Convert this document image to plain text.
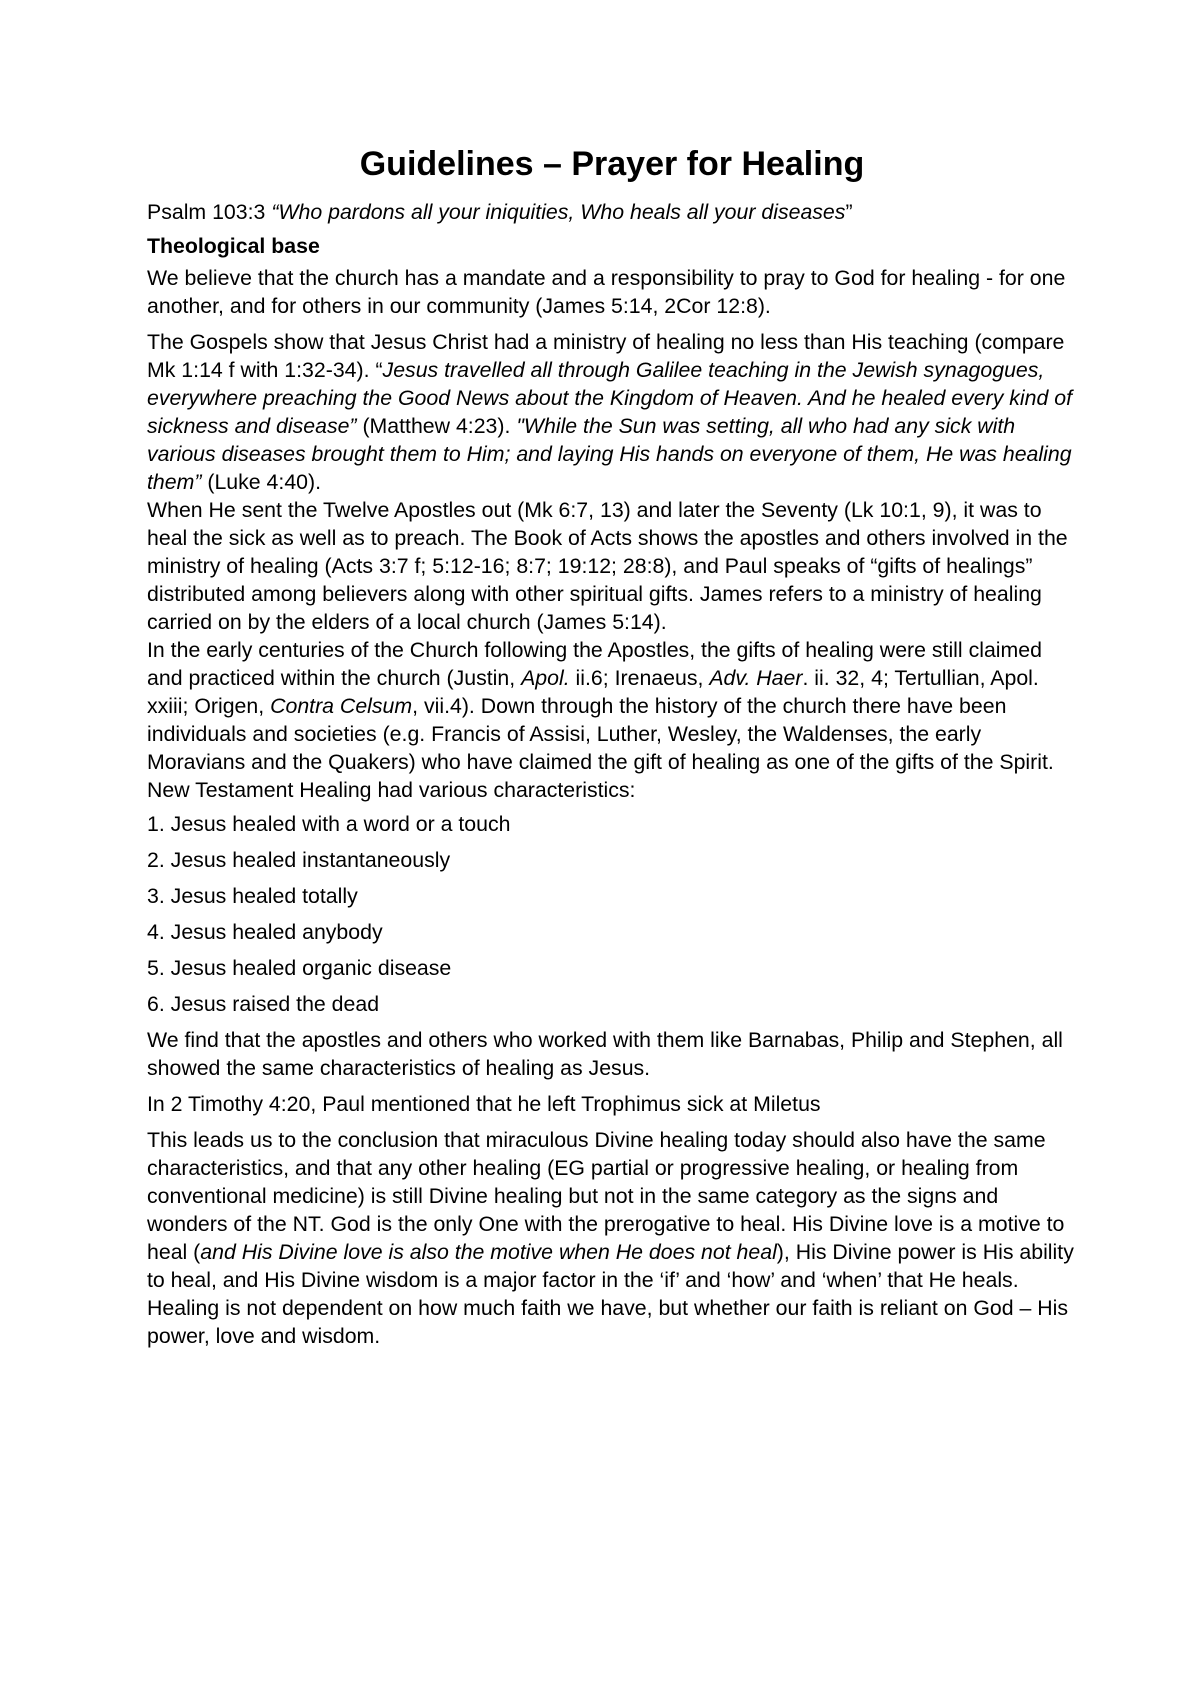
Guidelines – Prayer for Healing

Psalm 103:3 “Who pardons all your iniquities, Who heals all your diseases”

Theological base

We believe that the church has a mandate and a responsibility to pray to God for healing - for one another, and for others in our community (James 5:14, 2Cor 12:8).

The Gospels show that Jesus Christ had a ministry of healing no less than His teaching (compare Mk 1:14 f with 1:32-34). “Jesus travelled all through Galilee teaching in the Jewish synagogues, everywhere preaching the Good News about the Kingdom of Heaven. And he healed every kind of sickness and disease” (Matthew 4:23). "While the Sun was setting, all who had any sick with various diseases brought them to Him; and laying His hands on everyone of them, He was healing them” (Luke 4:40).

When He sent the Twelve Apostles out (Mk 6:7, 13) and later the Seventy (Lk 10:1, 9), it was to heal the sick as well as to preach. The Book of Acts shows the apostles and others involved in the ministry of healing (Acts 3:7 f; 5:12-16; 8:7; 19:12; 28:8), and Paul speaks of “gifts of healings” distributed among believers along with other spiritual gifts. James refers to a ministry of healing carried on by the elders of a local church (James 5:14).

In the early centuries of the Church following the Apostles, the gifts of healing were still claimed and practiced within the church (Justin, Apol. ii.6; Irenaeus, Adv. Haer. ii. 32, 4; Tertullian, Apol. xxiii; Origen, Contra Celsum, vii.4). Down through the history of the church there have been individuals and societies (e.g. Francis of Assisi, Luther, Wesley, the Waldenses, the early Moravians and the Quakers) who have claimed the gift of healing as one of the gifts of the Spirit.

New Testament Healing had various characteristics:

1. Jesus healed with a word or a touch
2. Jesus healed instantaneously
3. Jesus healed totally
4. Jesus healed anybody
5. Jesus healed organic disease
6. Jesus raised the dead

We find that the apostles and others who worked with them like Barnabas, Philip and Stephen, all showed the same characteristics of healing as Jesus.

In 2 Timothy 4:20, Paul mentioned that he left Trophimus sick at Miletus

This leads us to the conclusion that miraculous Divine healing today should also have the same characteristics, and that any other healing (EG partial or progressive healing, or healing from conventional medicine) is still Divine healing but not in the same category as the signs and wonders of the NT. God is the only One with the prerogative to heal. His Divine love is a motive to heal (and His Divine love is also the motive when He does not heal), His Divine power is His ability to heal, and His Divine wisdom is a major factor in the ‘if’ and ‘how’ and ‘when’ that He heals. Healing is not dependent on how much faith we have, but whether our faith is reliant on God – His power, love and wisdom.
